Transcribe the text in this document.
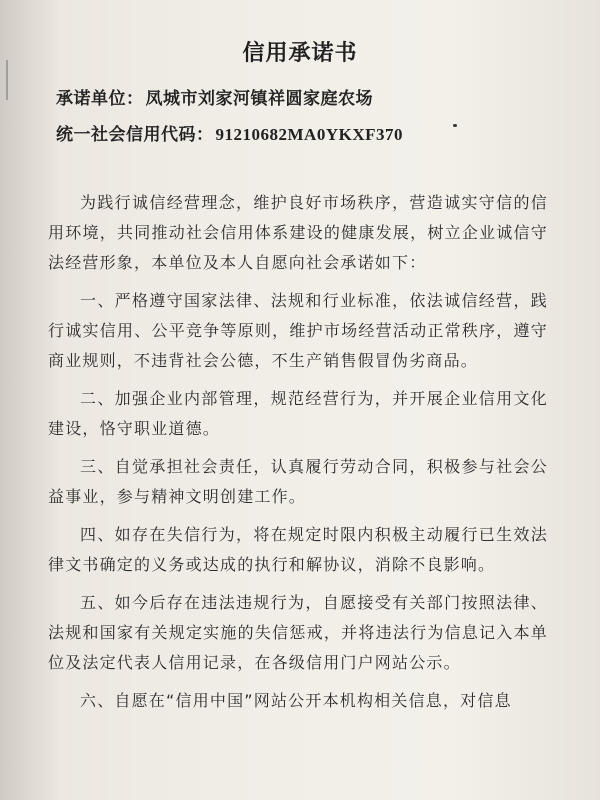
信用承诺书
承诺单位： 凤城市刘家河镇祥圆家庭农场
统一社会信用代码： 91210682MA0YKXF370

为践行诚信经营理念，维护良好市场秩序，营造诚实守信的信用环境，共同推动社会信用体系建设的健康发展，树立企业诚信守法经营形象，本单位及本人自愿向社会承诺如下：

一、严格遵守国家法律、法规和行业标准，依法诚信经营，践行诚实信用、公平竞争等原则，维护市场经营活动正常秩序，遵守商业规则，不违背社会公德，不生产销售假冒伪劣商品。

二、加强企业内部管理，规范经营行为，并开展企业信用文化建设，恪守职业道德。

三、自觉承担社会责任，认真履行劳动合同，积极参与社会公益事业，参与精神文明创建工作。

四、如存在失信行为，将在规定时限内积极主动履行已生效法律文书确定的义务或达成的执行和解协议，消除不良影响。

五、如今后存在违法违规行为，自愿接受有关部门按照法律、法规和国家有关规定实施的失信惩戒，并将违法行为信息记入本单位及法定代表人信用记录，在各级信用门户网站公示。

六、自愿在“信用中国”网站公开本机构相关信息，对信息
